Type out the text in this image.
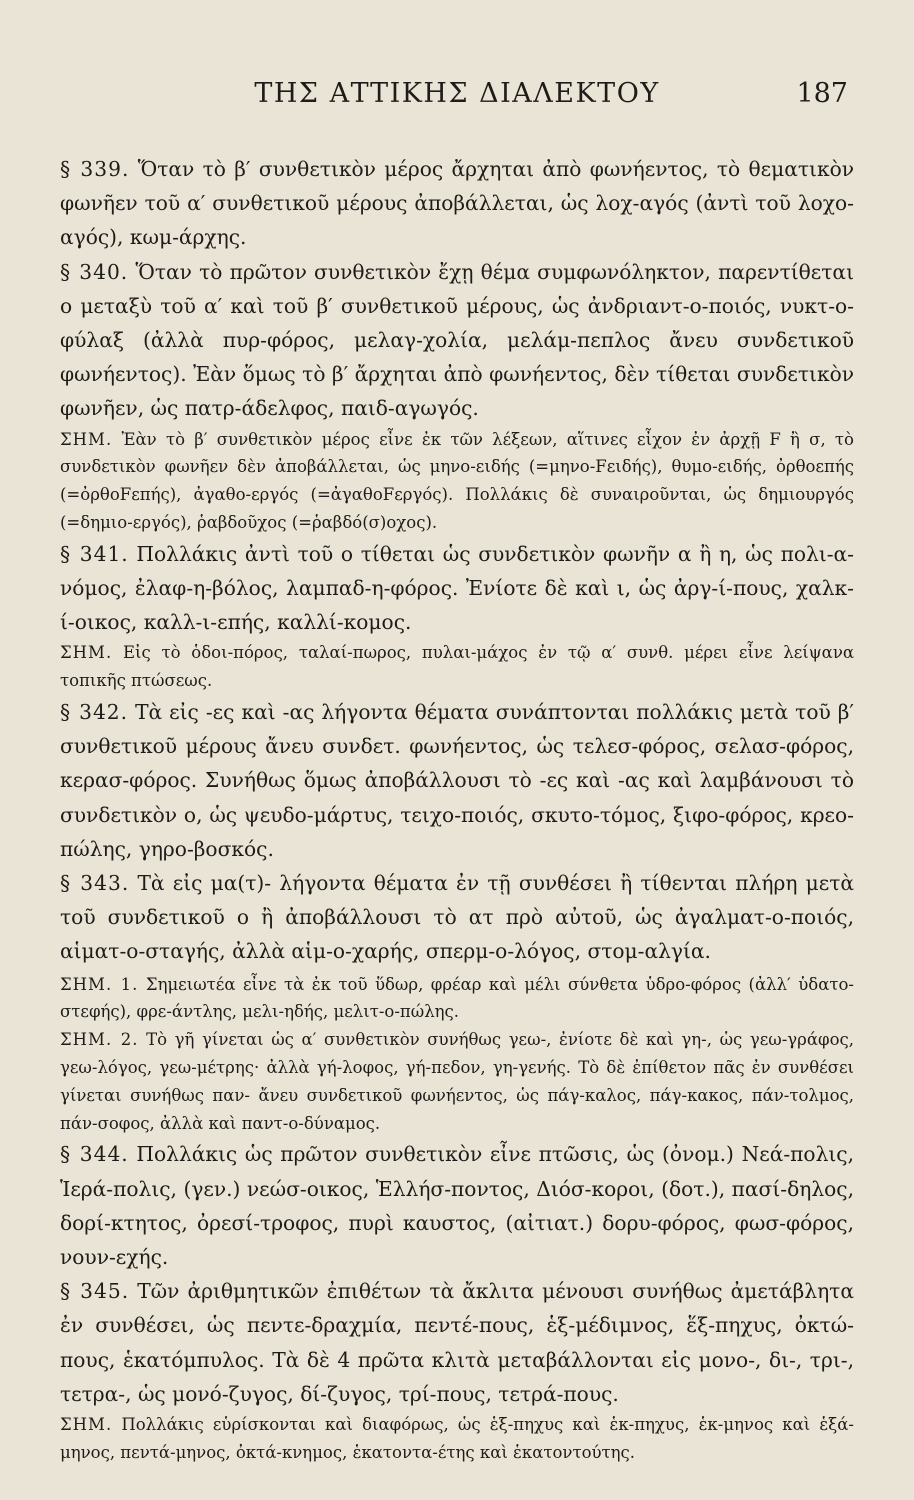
ΤΗΣ ΑΤΤΙΚΗΣ ΔΙΑΛΕΚΤΟΥ	187

§ 339. Ὅταν τὸ β′ συνθετικὸν μέρος ἄρχηται ἀπὸ φωνήεντος, τὸ θεματικὸν φωνῆεν τοῦ α′ συνθετικοῦ μέρους ἀποβάλλεται, ὡς λοχ-αγός (ἀντὶ τοῦ λοχο-αγός), κωμ-άρχης.

§ 340. Ὅταν τὸ πρῶτον συνθετικὸν ἔχῃ θέμα συμφωνόληκτον, παρεντίθεται ο μεταξὺ τοῦ α′ καὶ τοῦ β′ συνθετικοῦ μέρους, ὡς ἀνδριαντ-ο-ποιός, νυκτ-ο-φύλαξ (ἀλλὰ πυρ-φόρος, μελαγ-χολία, μελάμ-πεπλος ἄνευ συνδετικοῦ φωνήεντος). Ἐὰν ὅμως τὸ β′ ἄρχηται ἀπὸ φωνήεντος, δὲν τίθεται συνδετικὸν φωνῆεν, ὡς πατρ-άδελφος, παιδ-αγωγός.

ΣΗΜ. Ἐὰν τὸ β′ συνθετικὸν μέρος εἶνε ἐκ τῶν λέξεων, αἵτινες εἶχον ἐν ἀρχῇ F ἢ σ, τὸ συνδετικὸν φωνῆεν δὲν ἀποβάλλεται, ὡς μηνο-ειδής (=μηνο-Fειδής), θυμο-ειδής, ὀρθοεπής (=ὀρθοFεπής), ἀγαθο-εργός (=ἀγαθοFεργός). Πολλάκις δὲ συναιροῦνται, ὡς δημιουργός (=δημιο-εργός), ῥαβδοῦχος (=ῥαβδό(σ)οχος).

§ 341. Πολλάκις ἀντὶ τοῦ ο τίθεται ὡς συνδετικὸν φωνῆν α ἢ η, ὡς πολι-α-νόμος, ἐλαφ-η-βόλος, λαμπαδ-η-φόρος. Ἐνίοτε δὲ καὶ ι, ὡς ἀργ-ί-πους, χαλκ-ί-οικος, καλλ-ι-επής, καλλί-κομος.

ΣΗΜ. Εἰς τὸ ὁδοι-πόρος, ταλαί-πωρος, πυλαι-μάχος ἐν τῷ α′ συνθ. μέρει εἶνε λείψανα τοπικῆς πτώσεως.

§ 342. Τὰ εἰς -ες καὶ -ας λήγοντα θέματα συνάπτονται πολλάκις μετὰ τοῦ β′ συνθετικοῦ μέρους ἄνευ συνδετ. φωνήεντος, ὡς τελεσ-φόρος, σελασ-φόρος, κερασ-φόρος. Συνήθως ὅμως ἀποβάλλουσι τὸ -ες καὶ -ας καὶ λαμβάνουσι τὸ συνδετικὸν ο, ὡς ψευδο-μάρτυς, τειχο-ποιός, σκυτο-τόμος, ξιφο-φόρος, κρεο-πώλης, γηρο-βοσκός.

§ 343. Τὰ εἰς μα(τ)- λήγοντα θέματα ἐν τῇ συνθέσει ἢ τίθενται πλήρη μετὰ τοῦ συνδετικοῦ ο ἢ ἀποβάλλουσι τὸ ατ πρὸ αὐτοῦ, ὡς ἀγαλματ-ο-ποιός, αἱματ-ο-σταγής, ἀλλὰ αἱμ-ο-χαρής, σπερμ-ο-λόγος, στομ-αλγία.

ΣΗΜ. 1. Σημειωτέα εἶνε τὰ ἐκ τοῦ ὕδωρ, φρέαρ καὶ μέλι σύνθετα ὑδρο-φόρος (ἀλλ′ ὑδατο-στεφής), φρε-άντλης, μελι-ηδής, μελιτ-ο-πώλης.

ΣΗΜ. 2. Τὸ γῆ γίνεται ὡς α′ συνθετικὸν συνήθως γεω-, ἐνίοτε δὲ καὶ γη-, ὡς γεω-γράφος, γεω-λόγος, γεω-μέτρης· ἀλλὰ γή-λοφος, γή-πεδον, γη-γενής. Τὸ δὲ ἐπίθετον πᾶς ἐν συνθέσει γίνεται συνήθως παν- ἄνευ συνδετικοῦ φωνήεντος, ὡς πάγ-καλος, πάγ-κακος, πάν-τολμος, πάν-σοφος, ἀλλὰ καὶ παντ-ο-δύναμος.

§ 344. Πολλάκις ὡς πρῶτον συνθετικὸν εἶνε πτῶσις, ὡς (ὀνομ.) Νεά-πολις, Ἱερά-πολις, (γεν.) νεώσ-οικος, Ἑλλήσ-ποντος, Διόσ-κοροι, (δοτ.), πασί-δηλος, δορί-κτητος, ὀρεσί-τροφος, πυρὶ καυστος, (αἰτιατ.) δορυ-φόρος, φωσ-φόρος, νουν-εχής.

§ 345. Τῶν ἀριθμητικῶν ἐπιθέτων τὰ ἄκλιτα μένουσι συνήθως ἀμετάβλητα ἐν συνθέσει, ὡς πεντε-δραχμία, πεντέ-πους, ἑξ-μέδιμνος, ἕξ-πηχυς, ὀκτώ-πους, ἑκατόμπυλος. Τὰ δὲ 4 πρῶτα κλιτὰ μεταβάλλονται εἰς μονο-, δι-, τρι-, τετρα-, ὡς μονό-ζυγος, δί-ζυγος, τρί-πους, τετρά-πους.

ΣΗΜ. Πολλάκις εὑρίσκονται καὶ διαφόρως, ὡς ἑξ-πηχυς καὶ ἑκ-πηχυς, ἑκ-μηνος καὶ ἑξά-μηνος, πεντά-μηνος, ὀκτά-κνημος, ἑκατοντα-έτης καὶ ἑκατοντούτης.
